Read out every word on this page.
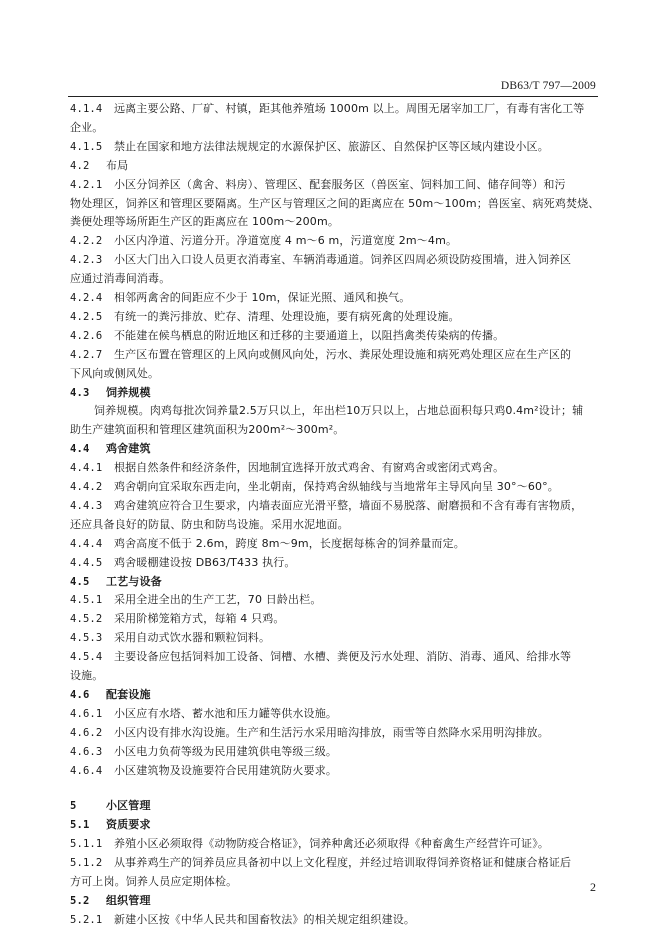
DB63/T 797—2009
4.1.4 远离主要公路、厂矿、村镇，距其他养殖场 1000m 以上。周围无屠宰加工厂，有毒有害化工等
企业。
4.1.5 禁止在国家和地方法律法规规定的水源保护区、旅游区、自然保护区等区域内建设小区。
4.2 布局
4.2.1 小区分饲养区（禽舍、料房）、管理区、配套服务区（兽医室、饲料加工间、储存间等）和污
物处理区，饲养区和管理区要隔离。生产区与管理区之间的距离应在 50m～100m；兽医室、病死鸡焚烧、
粪便处理等场所距生产区的距离应在 100m～200m。
4.2.2 小区内净道、污道分开。净道宽度 4 m～6 m，污道宽度 2m～4m。
4.2.3 小区大门出入口设人员更衣消毒室、车辆消毒通道。饲养区四周必须设防疫围墙，进入饲养区
应通过消毒间消毒。
4.2.4 相邻两禽舍的间距应不少于 10m，保证光照、通风和换气。
4.2.5 有统一的粪污排放、贮存、清理、处理设施，要有病死禽的处理设施。
4.2.6 不能建在候鸟栖息的附近地区和迁移的主要通道上，以阻挡禽类传染病的传播。
4.2.7 生产区布置在管理区的上风向或侧风向处，污水、粪尿处理设施和病死鸡处理区应在生产区的
下风向或侧风处。
4.3 饲养规模
饲养规模。肉鸡每批次饲养量2.5万只以上，年出栏10万只以上，占地总面积每只鸡0.4m²设计；辅
助生产建筑面积和管理区建筑面积为200m²～300m²。
4.4 鸡舍建筑
4.4.1 根据自然条件和经济条件，因地制宜选择开放式鸡舍、有窗鸡舍或密闭式鸡舍。
4.4.2 鸡舍朝向宜采取东西走向，坐北朝南，保持鸡舍纵轴线与当地常年主导风向呈 30°～60°。
4.4.3 鸡舍建筑应符合卫生要求，内墙表面应光滑平整，墙面不易脱落、耐磨损和不含有毒有害物质，
还应具备良好的防鼠、防虫和防鸟设施。采用水泥地面。
4.4.4 鸡舍高度不低于 2.6m，跨度 8m～9m，长度据每栋舍的饲养量而定。
4.4.5 鸡舍暖棚建设按 DB63/T433 执行。
4.5 工艺与设备
4.5.1 采用全进全出的生产工艺，70 日龄出栏。
4.5.2 采用阶梯笼箱方式，每箱 4 只鸡。
4.5.3 采用自动式饮水器和颗粒饲料。
4.5.4 主要设备应包括饲料加工设备、饲槽、水槽、粪便及污水处理、消防、消毒、通风、给排水等
设施。
4.6 配套设施
4.6.1 小区应有水塔、蓄水池和压力罐等供水设施。
4.6.2 小区内设有排水沟设施。生产和生活污水采用暗沟排放，雨雪等自然降水采用明沟排放。
4.6.3 小区电力负荷等级为民用建筑供电等级三级。
4.6.4 小区建筑物及设施要符合民用建筑防火要求。
5	小区管理
5.1 资质要求
5.1.1 养殖小区必须取得《动物防疫合格证》，饲养种禽还必须取得《种畜禽生产经营许可证》。
5.1.2 从事养鸡生产的饲养员应具备初中以上文化程度，并经过培训取得饲养资格证和健康合格证后
方可上岗。饲养人员应定期体检。
5.2 组织管理
5.2.1 新建小区按《中华人民共和国畜牧法》的相关规定组织建设。
2
